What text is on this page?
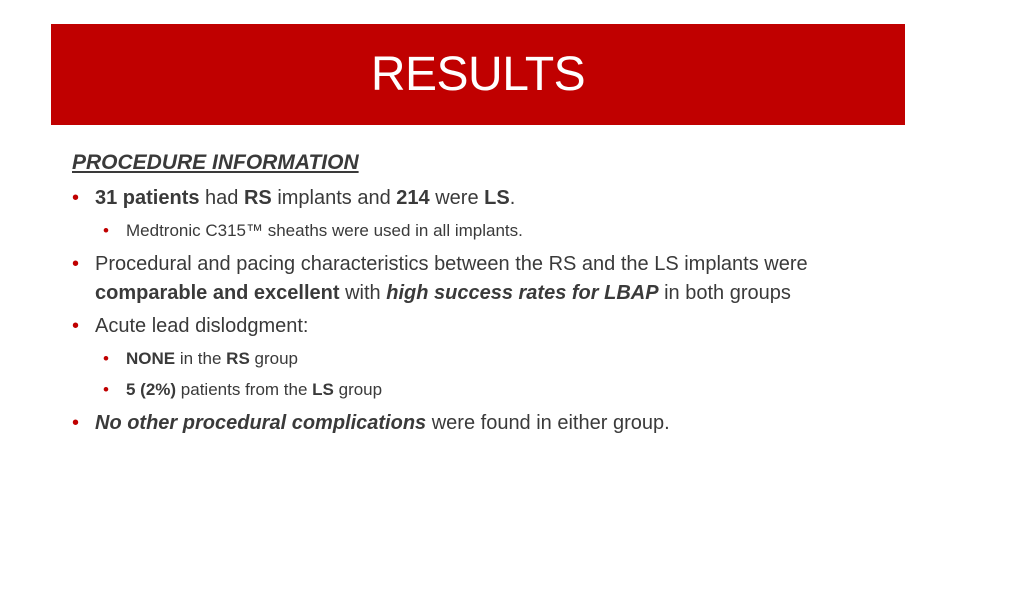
RESULTS
PROCEDURE INFORMATION
• 31 patients had RS implants and 214 were LS.
• Medtronic C315™ sheaths were used in all implants.
• Procedural and pacing characteristics between the RS and the LS implants were comparable and excellent with high success rates for LBAP in both groups
• Acute lead dislodgment:
• NONE in the RS group
• 5 (2%) patients from the LS group
• No other procedural complications were found in either group.
